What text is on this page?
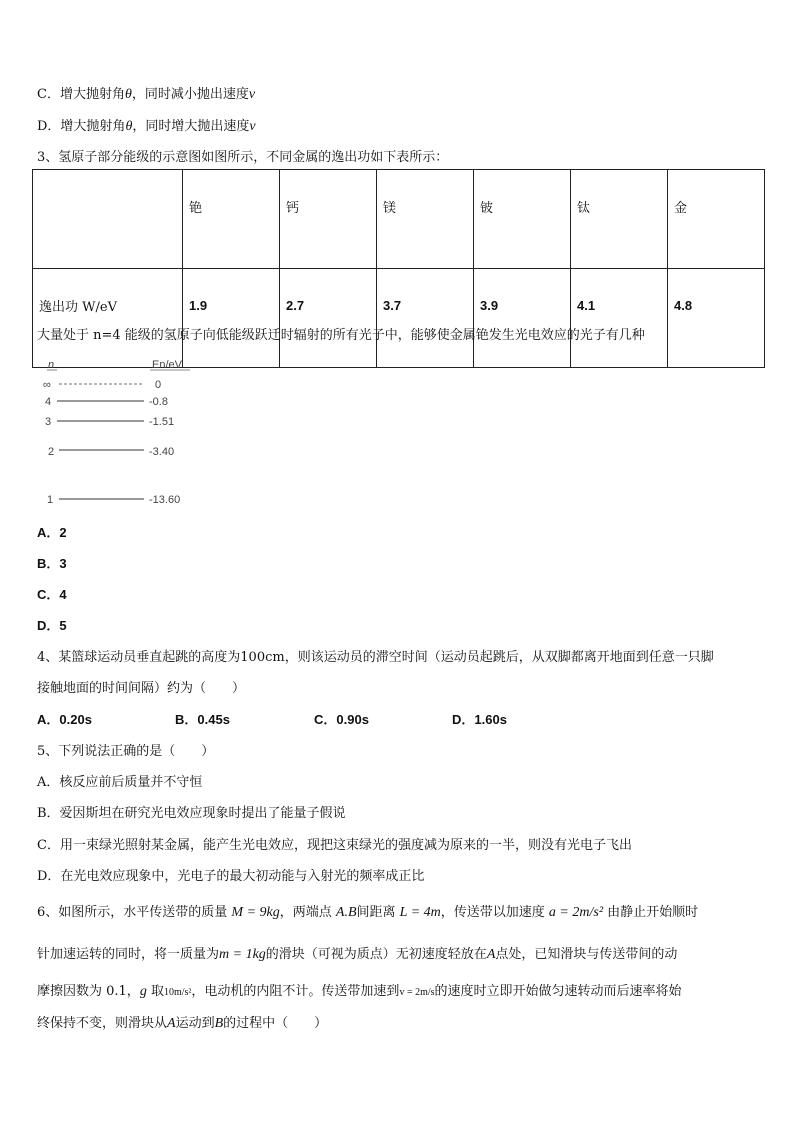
C．增大抛射角θ，同时减小抛出速度v
D．增大抛射角θ，同时增大抛出速度v
3、氢原子部分能级的示意图如图所示，不同金属的逸出功如下表所示：
	铯	钙	镁	铍	钛	金
逸出功 W/eV	1.9	2.7	3.7	3.9	4.1	4.8
大量处于 n=4 能级的氢原子向低能级跃迁时辐射的所有光子中，能够使金属铯发生光电效应的光子有几种
n	En/eV
∞	0
4	-0.8
3	-1.51
2	-3.40
1	-13.60
A．2
B．3
C．4
D．5
4、某篮球运动员垂直起跳的高度为100cm，则该运动员的滞空时间（运动员起跳后，从双脚都离开地面到任意一只脚
接触地面的时间间隔）约为（　　）
A．0.20s	B．0.45s	C．0.90s	D．1.60s
5、下列说法正确的是（　　）
A．核反应前后质量并不守恒
B．爱因斯坦在研究光电效应现象时提出了能量子假说
C．用一束绿光照射某金属，能产生光电效应，现把这束绿光的强度减为原来的一半，则没有光电子飞出
D．在光电效应现象中，光电子的最大初动能与入射光的频率成正比
6、如图所示，水平传送带的质量 M = 9kg，两端点 A.B间距离 L = 4m，传送带以加速度 a = 2m/s² 由静止开始顺时
针加速运转的同时，将一质量为m = 1kg的滑块（可视为质点）无初速度轻放在A点处，已知滑块与传送带间的动
摩擦因数为 0.1，g 取10m/s²，电动机的内阻不计。传送带加速到v = 2m/s的速度时立即开始做匀速转动而后速率将始
终保持不变，则滑块从A运动到B的过程中（　　）
